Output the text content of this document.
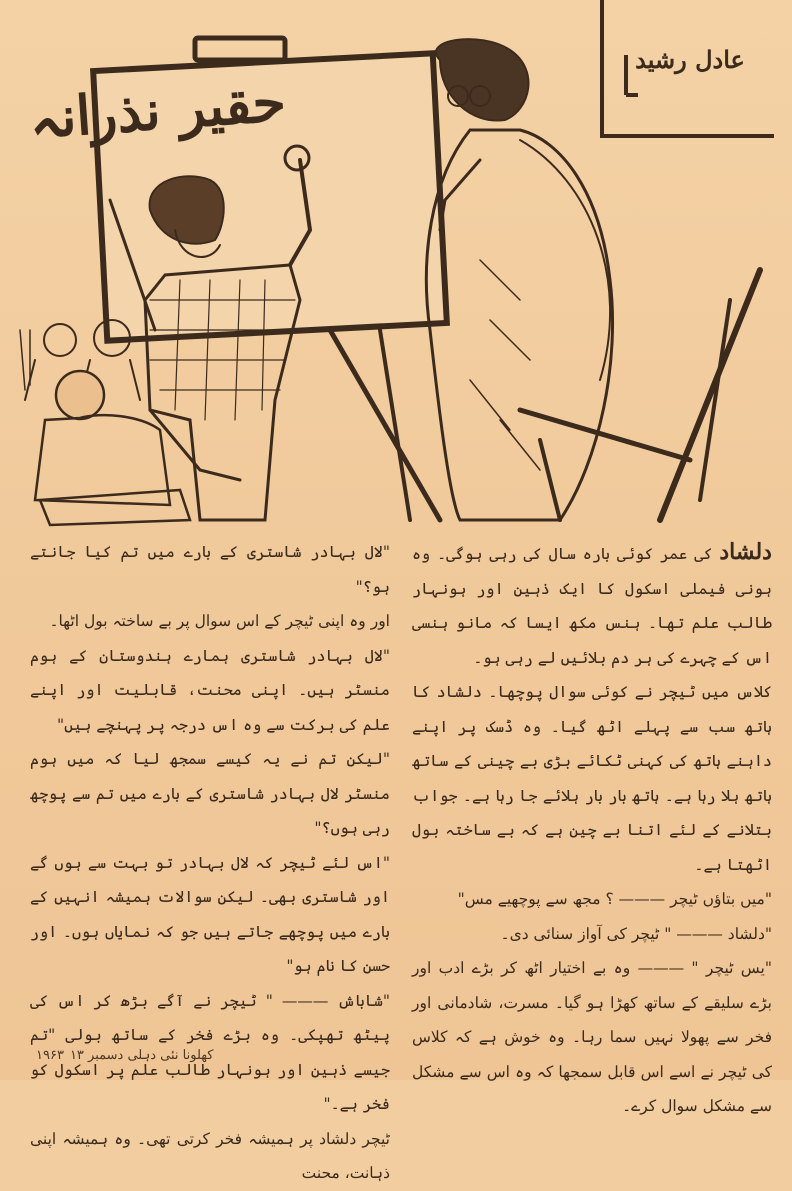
حقیر نذرانہ
عادل رشید

دلشاد کی عمر کوئی بارہ سال کی رہی ہوگی۔ وہ ہونی فیملی اسکول کا ایک ذہین اور ہونہار طالب علم تھا۔ ہنس مکھ ایسا کہ مانو ہنسی اس کے چہرے کی ہر دم بلائیں لے رہی ہو۔

کلاس میں ٹیچر نے کوئی سوال پوچھا۔ دلشاد کا ہاتھ سب سے پہلے اٹھ گیا۔ وہ ڈسک پر اپنے داہنے ہاتھ کی کہنی ٹکائے بڑی بے چینی کے ساتھ ہاتھ ہلا رہا ہے۔ ہاتھ بار بار ہلائے جا رہا ہے۔ جواب بتلانے کے لئے اتنا بے چین ہے کہ بے ساختہ بول اٹھتا ہے۔

"میں بتاؤں ٹیچر ——— ؟ مجھ سے پوچھیے مس"

"دلشاد ——— " ٹیچر کی آواز سنائی دی۔

"یس ٹیچر " ——— وہ بے اختیار اٹھ کر بڑے ادب اور بڑے سلیقے کے ساتھ کھڑا ہو گیا۔ مسرت، شادمانی اور فخر سے پھولا نہیں سما رہا۔ وہ خوش ہے کہ کلاس کی ٹیچر نے اسے اس قابل سمجھا کہ وہ اس سے مشکل سے مشکل سوال کرے۔

"لال بہادر شاستری کے بارے میں تم کیا جانتے ہو؟"

اور وہ اپنی ٹیچر کے اس سوال پر بے ساختہ بول اٹھا۔

"لال بہادر شاستری ہمارے ہندوستان کے ہوم منسٹر ہیں۔ اپنی محنت، قابلیت اور اپنے علم کی برکت سے وہ اس درجہ پر پہنچے ہیں"

"لیکن تم نے یہ کیسے سمجھ لیا کہ میں ہوم منسٹر لال بہادر شاستری کے بارے میں تم سے پوچھ رہی ہوں؟"

"اس لئے ٹیچر کہ لال بہادر تو بہت سے ہوں گے اور شاستری بھی۔ لیکن سوالات ہمیشہ انہیں کے بارے میں پوچھے جاتے ہیں جو کہ نمایاں ہوں۔ اور حسن کا نام ہو"

"شاباش ——— " ٹیچر نے آگے بڑھ کر اس کی پیٹھ تھپکی۔ وہ بڑے فخر کے ساتھ بولی "تم جیسے ذہین اور ہونہار طالب علم پر اسکول کو فخر ہے۔"

ٹیچر دلشاد پر ہمیشہ فخر کرتی تھی۔ وہ ہمیشہ اپنی ذہانت، محنت

کھلونا نئی دہلی دسمبر ۱۹۶۳۱۳
